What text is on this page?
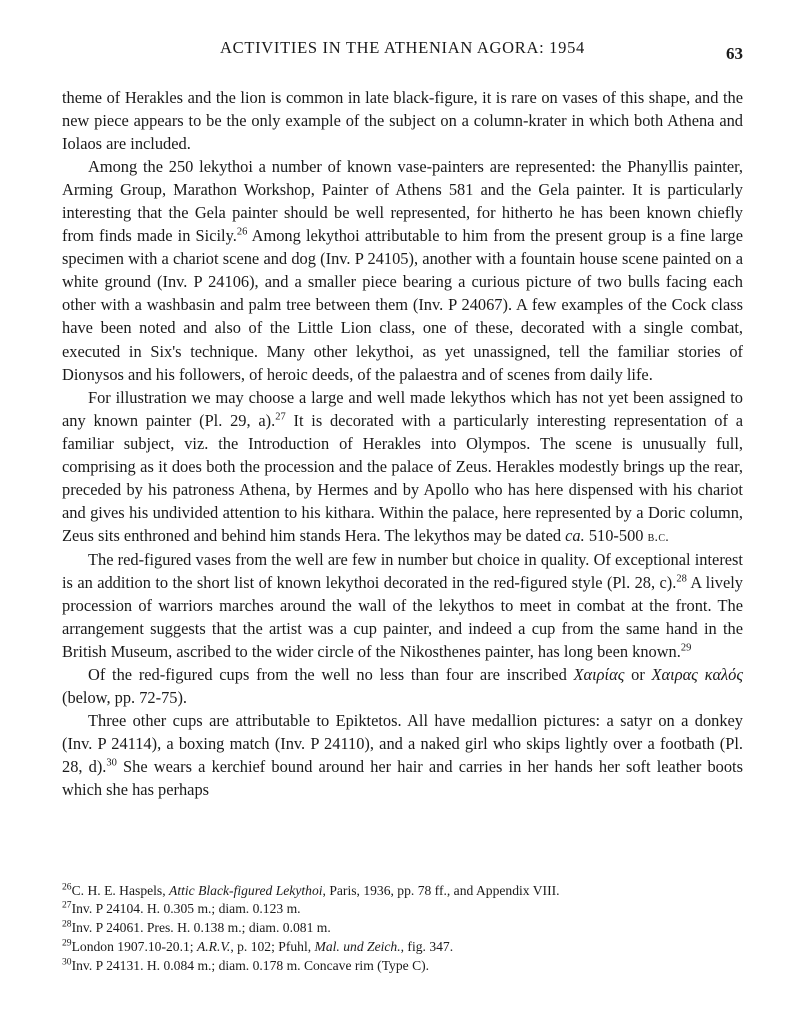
ACTIVITIES IN THE ATHENIAN AGORA: 1954	63

theme of Herakles and the lion is common in late black-figure, it is rare on vases of this shape, and the new piece appears to be the only example of the subject on a column-krater in which both Athena and Iolaos are included.

Among the 250 lekythoi a number of known vase-painters are represented: the Phanyllis painter, Arming Group, Marathon Workshop, Painter of Athens 581 and the Gela painter. It is particularly interesting that the Gela painter should be well represented, for hitherto he has been known chiefly from finds made in Sicily.$^{26}$ Among lekythoi attributable to him from the present group is a fine large specimen with a chariot scene and dog (Inv. P 24105), another with a fountain house scene painted on a white ground (Inv. P 24106), and a smaller piece bearing a curious picture of two bulls facing each other with a washbasin and palm tree between them (Inv. P 24067). A few examples of the Cock class have been noted and also of the Little Lion class, one of these, decorated with a single combat, executed in Six's technique. Many other lekythoi, as yet unassigned, tell the familiar stories of Dionysos and his followers, of heroic deeds, of the palaestra and of scenes from daily life.

For illustration we may choose a large and well made lekythos which has not yet been assigned to any known painter (Pl. 29, a).$^{27}$ It is decorated with a particularly interesting representation of a familiar subject, viz. the Introduction of Herakles into Olympos. The scene is unusually full, comprising as it does both the procession and the palace of Zeus. Herakles modestly brings up the rear, preceded by his patroness Athena, by Hermes and by Apollo who has here dispensed with his chariot and gives his undivided attention to his kithara. Within the palace, here represented by a Doric column, Zeus sits enthroned and behind him stands Hera. The lekythos may be dated ca. 510-500 b.c.

The red-figured vases from the well are few in number but choice in quality. Of exceptional interest is an addition to the short list of known lekythoi decorated in the red-figured style (Pl. 28, c).$^{28}$ A lively procession of warriors marches around the wall of the lekythos to meet in combat at the front. The arrangement suggests that the artist was a cup painter, and indeed a cup from the same hand in the British Museum, ascribed to the wider circle of the Nikosthenes painter, has long been known.$^{29}$

Of the red-figured cups from the well no less than four are inscribed Χαιρίας or Χαιρας καλός (below, pp. 72-75).

Three other cups are attributable to Epiktetos. All have medallion pictures: a satyr on a donkey (Inv. P 24114), a boxing match (Inv. P 24110), and a naked girl who skips lightly over a footbath (Pl. 28, d).$^{30}$ She wears a kerchief bound around her hair and carries in her hands her soft leather boots which she has perhaps

$^{26}$C. H. E. Haspels, Attic Black-figured Lekythoi, Paris, 1936, pp. 78 ff., and Appendix VIII.

$^{27}$Inv. P 24104. H. 0.305 m.; diam. 0.123 m.

$^{28}$Inv. P 24061. Pres. H. 0.138 m.; diam. 0.081 m.

$^{29}$London 1907.10-20.1; A.R.V., p. 102; Pfuhl, Mal. und Zeich., fig. 347.

$^{30}$Inv. P 24131. H. 0.084 m.; diam. 0.178 m. Concave rim (Type C).
